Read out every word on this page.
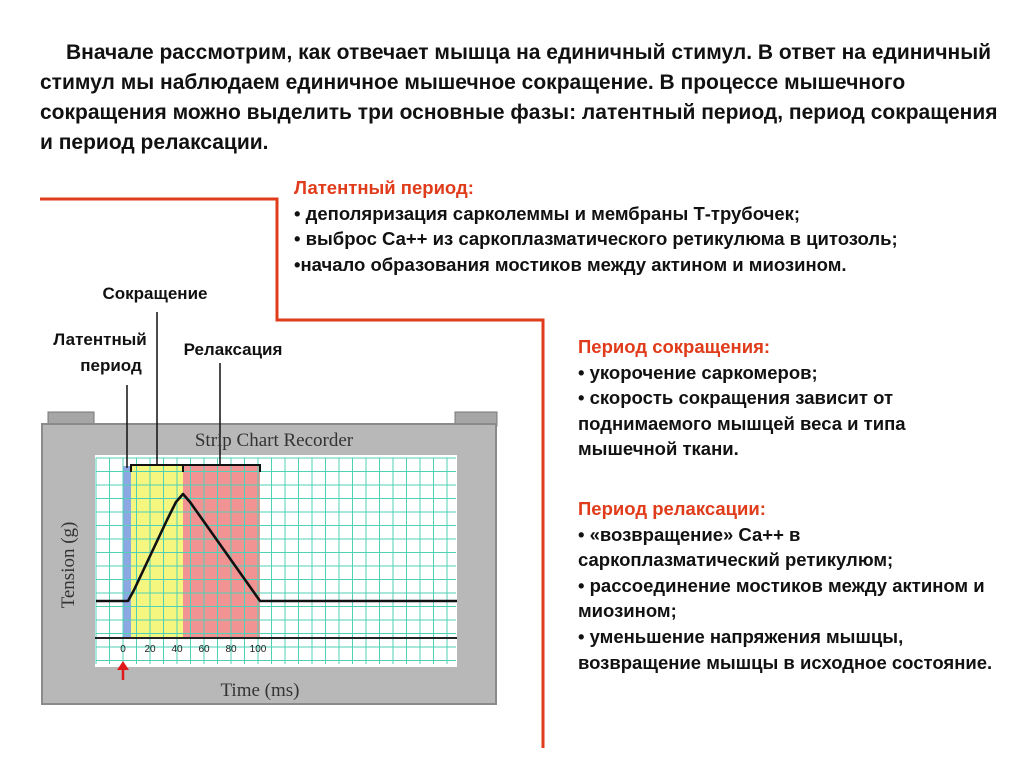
Вначале рассмотрим, как отвечает мышца на единичный стимул. В ответ на единичный стимул мы наблюдаем единичное мышечное сокращение. В процессе мышечного сокращения можно выделить три основные фазы: латентный период, период сокращения и период релаксации.
Латентный период:
• деполяризация сарколеммы и мембраны Т-трубочек;
• выброс Са++ из саркоплазматического ретикулюма в цитозоль;
•начало образования мостиков между актином и миозином.
Период сокращения:
• укорочение саркомеров;
• скорость сокращения зависит от поднимаемого мышцей веса и типа мышечной ткани.
Период релаксации:
• «возвращение» Са++ в саркоплазматический ретикулюм;
• рассоединение мостиков между актином и миозином;
• уменьшение напряжения мышцы, возвращение мышцы в исходное состояние.
Сокращение
Латентный
период
Релаксация
Strip Chart Recorder
Tension (g)
Time (ms)
0 20 40 60 80 100
